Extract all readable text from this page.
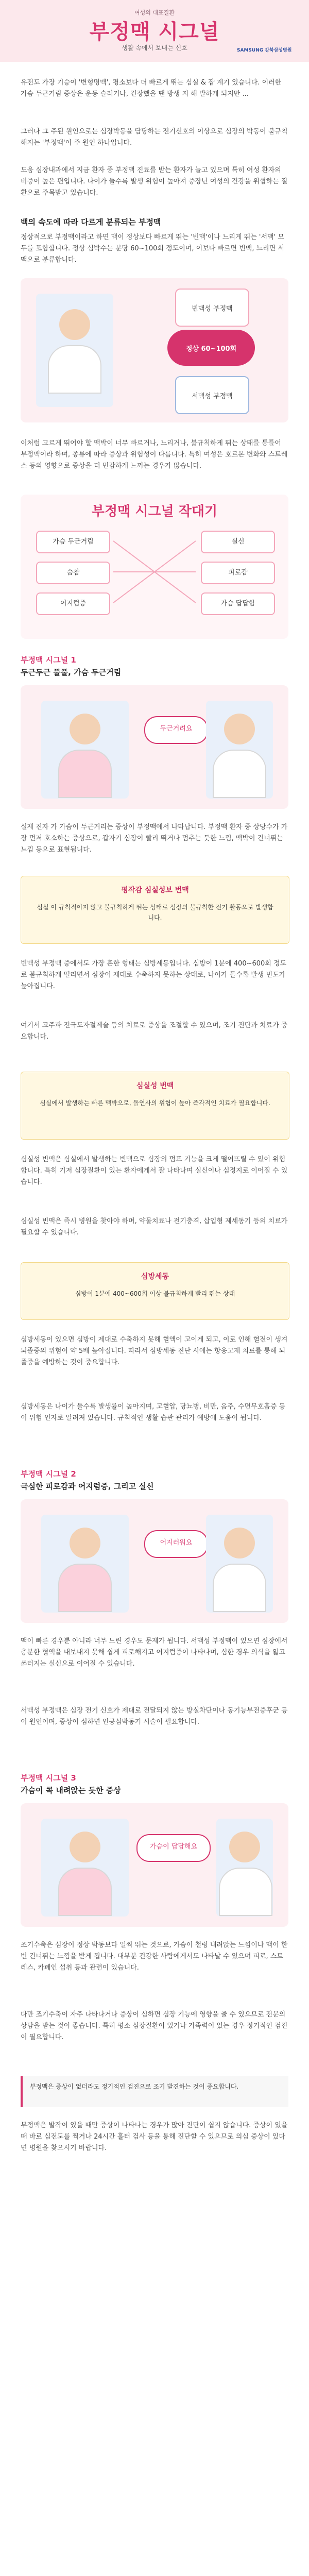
여성의 대표질환
부정맥 시그널
생활 속에서 보내는 신호	SAMSUNG 강북삼성병원
유전도 가장 기승이 '변형명맥', 평소보다 더 빠르게 뛰는 심실 & 잡 계기 있습니다. 이러한 가슴 두근거림 증상은 운동 슬러거나, 긴장했을 땐 방생 지 해 발하게 되지만 ...
그러나 그 주된 원인으로는 심장박동을 담당하는 전기신호의 이상으로 심장의 박동이 불규칙해지는 '부정맥'이 주 원인 하나입니다.
도움 심장내과에서 지금 환자 중 부정맥 진료를 받는 환자가 늘고 있으며 특히 여성 환자의 비중이 높은 편입니다. 나이가 들수록 발생 위험이 높아져 중장년 여성의 건강을 위협하는 질환으로 주목받고 있습니다.
백의 속도에 따라 다르게 분류되는 부정맥
정상적으로 부정맥이라고 하면 맥이 정상보다 빠르게 뛰는 '빈맥'이나 느리게 뛰는 '서맥' 모두를 포함합니다. 정상 심박수는 분당 60~100회 정도이며, 이보다 빠르면 빈맥, 느리면 서맥으로 분류합니다.
빈맥성 부정맥
정상 60~100회
서맥성 부정맥
이처럼 고르게 뛰어야 할 맥박이 너무 빠르거나, 느리거나, 불규칙하게 뛰는 상태를 통틀어 부정맥이라 하며, 종류에 따라 증상과 위험성이 다릅니다. 특히 여성은 호르몬 변화와 스트레스 등의 영향으로 증상을 더 민감하게 느끼는 경우가 많습니다.
부정맥 시그널 작대기
가슴 두근거림
숨참
어지럼증
실신
피로감
가슴 답답함
부정맥 시그널 1
두근두근 풀풀, 가슴 두근거림
두근거려요
실제 진자 가 가슴이 두근거리는 증상이 부정맥에서 나타납니다. 부정맥 환자 중 상당수가 가장 먼저 호소하는 증상으로, 갑자기 심장이 빨리 뛰거나 멈추는 듯한 느낌, 맥박이 건너뛰는 느낌 등으로 표현됩니다.
평작감 심실성보 번맥
심실 이 규칙적이지 않고 불규칙하게 뛰는 상태로 심장의 불규칙한 전기 활동으로 발생합니다.
빈맥성 부정맥 중에서도 가장 흔한 형태는 심방세동입니다. 심방이 1분에 400~600회 정도로 불규칙하게 떨리면서 심장이 제대로 수축하지 못하는 상태로, 나이가 들수록 발생 빈도가 높아집니다.
여기서 고주파 전극도자절제술 등의 치료로 증상을 조절할 수 있으며, 조기 진단과 치료가 중요합니다.
심실성 번맥
심실에서 발생하는 빠른 맥박으로, 돌연사의 위험이 높아 즉각적인 치료가 필요합니다.
심실성 빈맥은 심실에서 발생하는 빈맥으로 심장의 펌프 기능을 크게 떨어뜨릴 수 있어 위험합니다. 특히 기저 심장질환이 있는 환자에게서 잘 나타나며 실신이나 심정지로 이어질 수 있습니다.
심실성 빈맥은 즉시 병원을 찾아야 하며, 약물치료나 전기충격, 삽입형 제세동기 등의 치료가 필요할 수 있습니다.
심방세동
심방이 1분에 400~600회 이상 불규칙하게 빨리 뛰는 상태
심방세동이 있으면 심방이 제대로 수축하지 못해 혈액이 고이게 되고, 이로 인해 혈전이 생겨 뇌졸중의 위험이 약 5배 높아집니다. 따라서 심방세동 진단 시에는 항응고제 치료를 통해 뇌졸중을 예방하는 것이 중요합니다.
심방세동은 나이가 들수록 발생률이 높아지며, 고혈압, 당뇨병, 비만, 음주, 수면무호흡증 등이 위험 인자로 알려져 있습니다. 규칙적인 생활 습관 관리가 예방에 도움이 됩니다.
부정맥 시그널 2
극심한 피로감과 어지럼증, 그리고 실신
어지러워요
맥이 빠른 경우뿐 아니라 너무 느린 경우도 문제가 됩니다. 서맥성 부정맥이 있으면 심장에서 충분한 혈액을 내보내지 못해 쉽게 피로해지고 어지럼증이 나타나며, 심한 경우 의식을 잃고 쓰러지는 실신으로 이어질 수 있습니다.
서맥성 부정맥은 심장 전기 신호가 제대로 전달되지 않는 방실차단이나 동기능부전증후군 등이 원인이며, 증상이 심하면 인공심박동기 시술이 필요합니다.
부정맥 시그널 3
가슴이 콕 내려앉는 듯한 증상
가슴이 답답해요
조기수축은 심장이 정상 박동보다 일찍 뛰는 것으로, 가슴이 철렁 내려앉는 느낌이나 맥이 한 번 건너뛰는 느낌을 받게 됩니다. 대부분 건강한 사람에게서도 나타날 수 있으며 피로, 스트레스, 카페인 섭취 등과 관련이 있습니다.
다만 조기수축이 자주 나타나거나 증상이 심하면 심장 기능에 영향을 줄 수 있으므로 전문의 상담을 받는 것이 좋습니다. 특히 평소 심장질환이 있거나 가족력이 있는 경우 정기적인 검진이 필요합니다.
부정맥은 증상이 없더라도 정기적인 검진으로 조기 발견하는 것이 중요합니다.
부정맥은 발작이 있을 때만 증상이 나타나는 경우가 많아 진단이 쉽지 않습니다. 증상이 있을 때 바로 심전도를 찍거나 24시간 홀터 검사 등을 통해 진단할 수 있으므로 의심 증상이 있다면 병원을 찾으시기 바랍니다.
